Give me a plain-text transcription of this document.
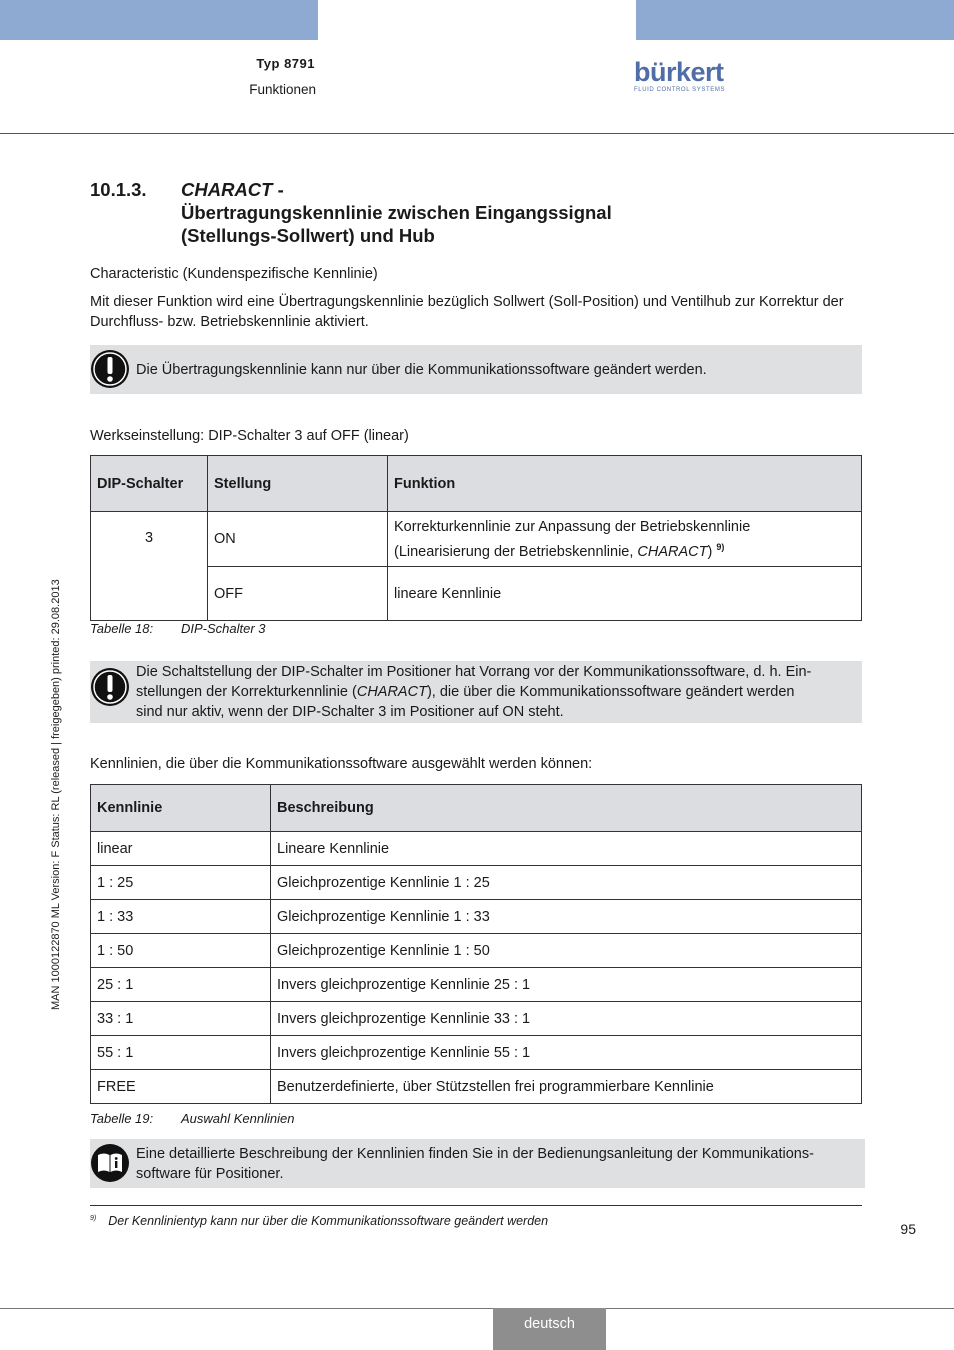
Typ 8791
Funktionen
bürkert
FLUID CONTROL SYSTEMS
10.1.3.	CHARACT -
Übertragungskennlinie zwischen Eingangssignal
(Stellungs-Sollwert) und Hub
Characteristic (Kundenspezifische Kennlinie)
Mit dieser Funktion wird eine Übertragungskennlinie bezüglich Sollwert (Soll-Position) und Ventilhub zur Korrektur der Durchfluss- bzw. Betriebskennlinie aktiviert.
Die Übertragungskennlinie kann nur über die Kommunikationssoftware geändert werden.
Werkseinstellung: DIP-Schalter 3 auf OFF (linear)
DIP-Schalter	Stellung	Funktion
3	ON	Korrekturkennlinie zur Anpassung der Betriebskennlinie
(Linearisierung der Betriebskennlinie, CHARACT) $^{9)}$
	OFF	lineare Kennlinie
Tabelle 18: DIP-Schalter 3
Die Schaltstellung der DIP-Schalter im Positioner hat Vorrang vor der Kommunikationssoftware, d. h. Ein-
stellungen der Korrekturkennlinie (CHARACT), die über die Kommunikationssoftware geändert werden
sind nur aktiv, wenn der DIP-Schalter 3 im Positioner auf ON steht.
Kennlinien, die über die Kommunikationssoftware ausgewählt werden können:
Kennlinie	Beschreibung
linear	Lineare Kennlinie
1 : 25	Gleichprozentige Kennlinie 1 : 25
1 : 33	Gleichprozentige Kennlinie 1 : 33
1 : 50	Gleichprozentige Kennlinie 1 : 50
25 : 1	Invers gleichprozentige Kennlinie 25 : 1
33 : 1	Invers gleichprozentige Kennlinie 33 : 1
55 : 1	Invers gleichprozentige Kennlinie 55 : 1
FREE	Benutzerdefinierte, über Stützstellen frei programmierbare Kennlinie
Tabelle 19: Auswahl Kennlinien
Eine detaillierte Beschreibung der Kennlinien finden Sie in der Bedienungsanleitung der Kommunikations-
software für Positioner.
$^{9)}$ Der Kennlinientyp kann nur über die Kommunikationssoftware geändert werden	95
MAN 1000122870 ML Version: F Status: RL (released | freigegeben) printed: 29.08.2013
deutsch
